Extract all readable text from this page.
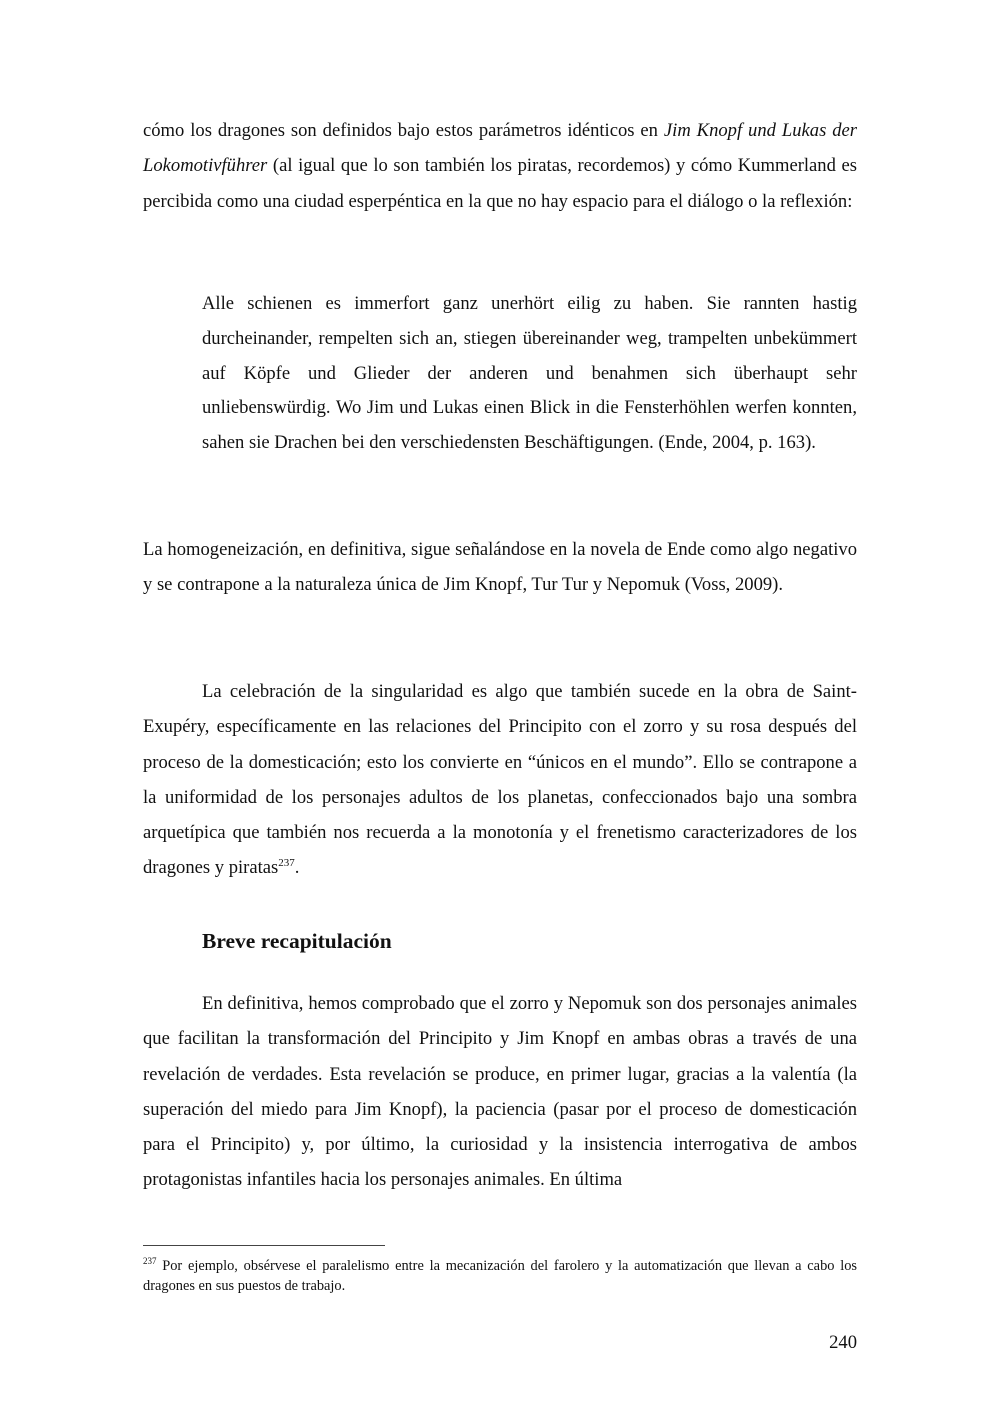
cómo los dragones son definidos bajo estos parámetros idénticos en Jim Knopf und Lukas der Lokomotivführer (al igual que lo son también los piratas, recordemos) y cómo Kummerland es percibida como una ciudad esperpéntica en la que no hay espacio para el diálogo o la reflexión:

Alle schienen es immerfort ganz unerhört eilig zu haben. Sie rannten hastig durcheinander, rempelten sich an, stiegen übereinander weg, trampelten unbekümmert auf Köpfe und Glieder der anderen und benahmen sich überhaupt sehr unliebenswürdig. Wo Jim und Lukas einen Blick in die Fensterhöhlen werfen konnten, sahen sie Drachen bei den verschiedensten Beschäftigungen. (Ende, 2004, p. 163).

La homogeneización, en definitiva, sigue señalándose en la novela de Ende como algo negativo y se contrapone a la naturaleza única de Jim Knopf, Tur Tur y Nepomuk (Voss, 2009).

La celebración de la singularidad es algo que también sucede en la obra de Saint-Exupéry, específicamente en las relaciones del Principito con el zorro y su rosa después del proceso de la domesticación; esto los convierte en “únicos en el mundo”. Ello se contrapone a la uniformidad de los personajes adultos de los planetas, confeccionados bajo una sombra arquetípica que también nos recuerda a la monotonía y el frenetismo caracterizadores de los dragones y piratas$^{237}$.

Breve recapitulación

En definitiva, hemos comprobado que el zorro y Nepomuk son dos personajes animales que facilitan la transformación del Principito y Jim Knopf en ambas obras a través de una revelación de verdades. Esta revelación se produce, en primer lugar, gracias a la valentía (la superación del miedo para Jim Knopf), la paciencia (pasar por el proceso de domesticación para el Principito) y, por último, la curiosidad y la insistencia interrogativa de ambos protagonistas infantiles hacia los personajes animales. En última

$^{237}$ Por ejemplo, obsérvese el paralelismo entre la mecanización del farolero y la automatización que llevan a cabo los dragones en sus puestos de trabajo.

240
